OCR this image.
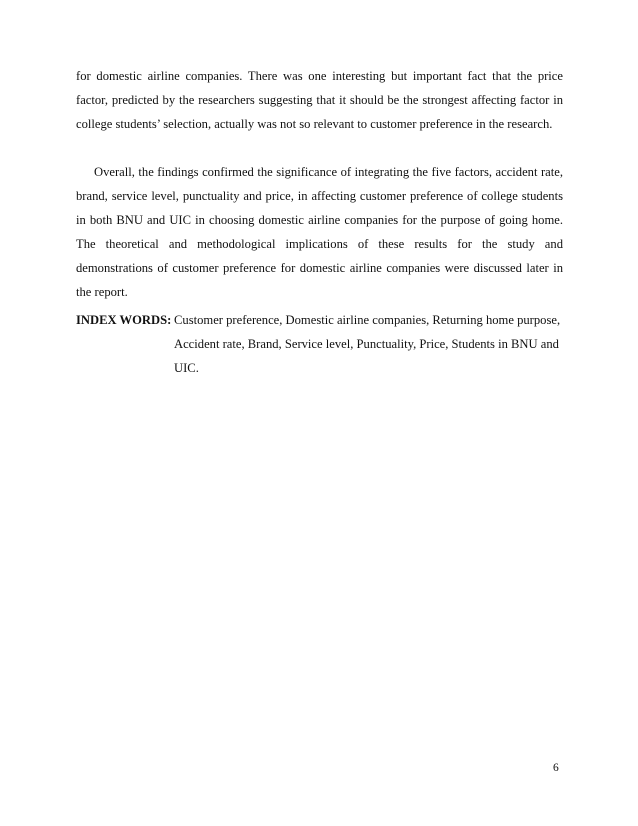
for domestic airline companies. There was one interesting but important fact that the price factor, predicted by the researchers suggesting that it should be the strongest affecting factor in college students’ selection, actually was not so relevant to customer preference in the research.

Overall, the findings confirmed the significance of integrating the five factors, accident rate, brand, service level, punctuality and price, in affecting customer preference of college students in both BNU and UIC in choosing domestic airline companies for the purpose of going home. The theoretical and methodological implications of these results for the study and demonstrations of customer preference for domestic airline companies were discussed later in the report.

INDEX WORDS: Customer preference, Domestic airline companies, Returning home purpose,
Accident rate, Brand, Service level, Punctuality, Price, Students in BNU and
UIC.
6
